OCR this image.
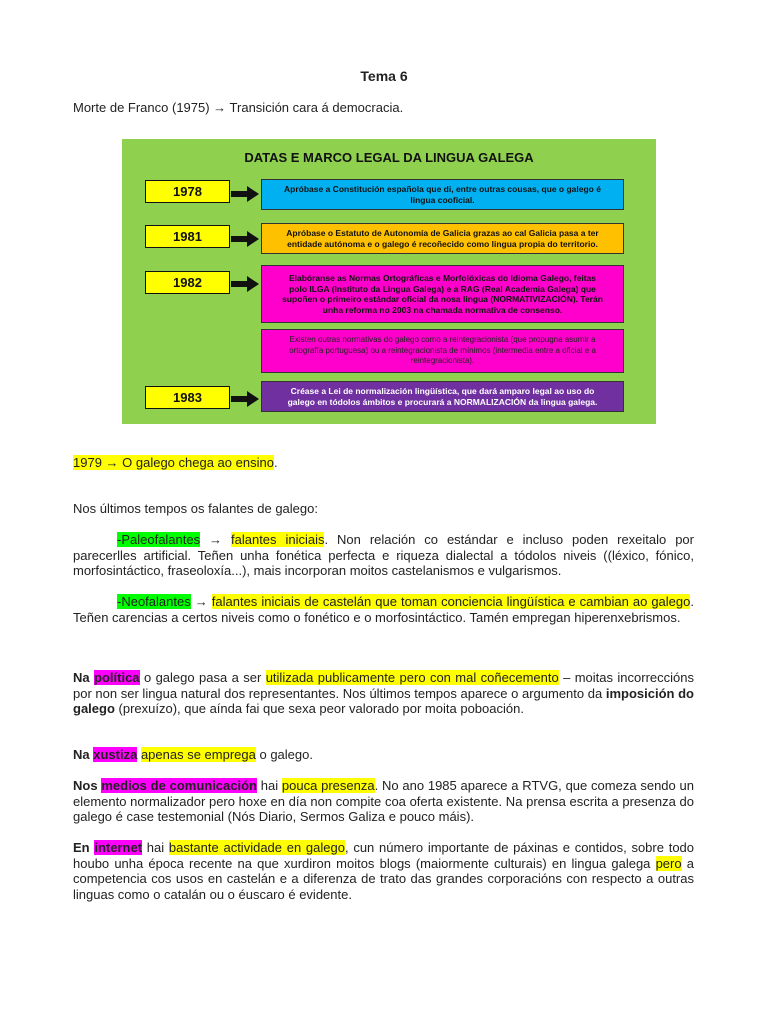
Tema 6
Morte de Franco (1975) → Transición cara á democracia.
DATAS E MARCO LEGAL DA LINGUA GALEGA
1978	Apróbase a Constitución española que di, entre outras cousas, que o galego é
lingua cooficial.
1981	Apróbase o Estatuto de Autonomía de Galicia grazas ao cal Galicia pasa a ter
entidade autónoma e o galego é recoñecido como lingua propia do territorio.
1982	Elabóranse as Normas Ortográficas e Morfolóxicas do Idioma Galego, feitas
polo ILGA (Instituto da Lingua Galega) e a RAG (Real Academia Galega) que
supoñen o primeiro estándar oficial da nosa lingua (NORMATIVIZACIÓN). Terán
unha reforma no 2003 na chamada normativa de consenso.
Existen outras normativas do galego como a reintegracionista (que propugna asumir a
ortografía portuguesa) ou a reintegracionista de mínimos (intermedia entre a oficial e a
reintegracionista).
1983	Créase a Lei de normalización lingüística, que dará amparo legal ao uso do
galego en tódolos ámbitos e procurará a NORMALIZACIÓN da lingua galega.
1979 → O galego chega ao ensino.
Nos últimos tempos os falantes de galego:
-Paleofalantes → falantes iniciais. Non relación co estándar e incluso poden rexeitalo por parecerlles artificial. Teñen unha fonética perfecta e riqueza dialectal a tódolos niveis ((léxico, fónico, morfosintáctico, fraseoloxía...), mais incorporan moitos castelanismos e vulgarismos.
-Neofalantes → falantes iniciais de castelán que toman conciencia lingüística e cambian ao galego. Teñen carencias a certos niveis como o fonético e o morfosintáctico. Tamén empregan hiperenxebrismos.
Na política o galego pasa a ser utilizada publicamente pero con mal coñecemento – moitas incorreccións por non ser lingua natural dos representantes. Nos últimos tempos aparece o argumento da imposición do galego (prexuízo), que aínda fai que sexa peor valorado por moita poboación.
Na xustiza apenas se emprega o galego.
Nos medios de comunicación hai pouca presenza. No ano 1985 aparece a RTVG, que comeza sendo un elemento normalizador pero hoxe en día non compite coa oferta existente. Na prensa escrita a presenza do galego é case testemonial (Nós Diario, Sermos Galiza e pouco máis).
En internet hai bastante actividade en galego, cun número importante de páxinas e contidos, sobre todo houbo unha época recente na que xurdiron moitos blogs (maiormente culturais) en lingua galega pero a competencia cos usos en castelán e a diferenza de trato das grandes corporacións con respecto a outras linguas como o catalán ou o éuscaro é evidente.
